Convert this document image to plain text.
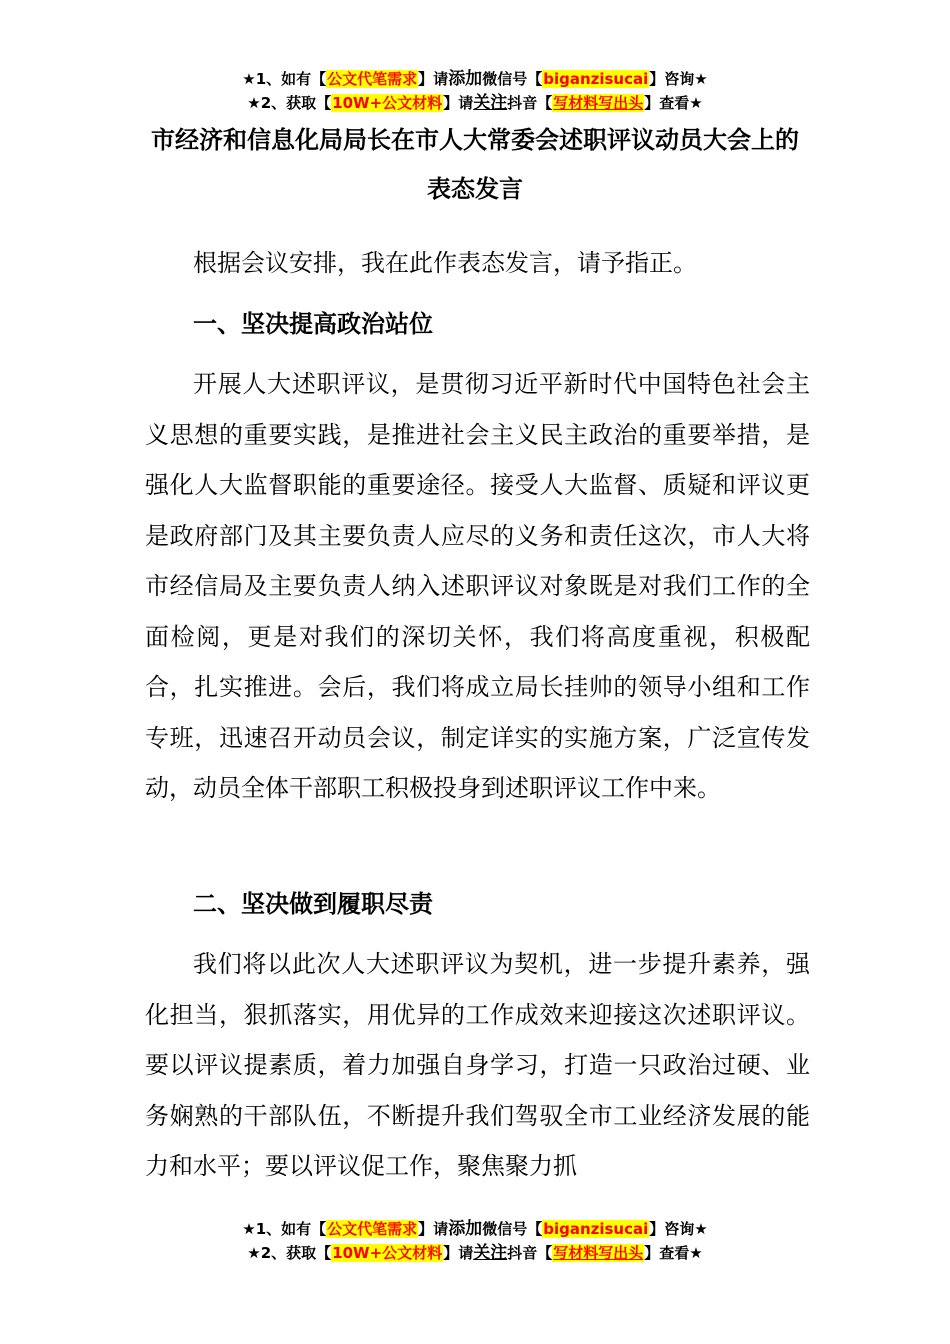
★1、如有【公文代笔需求】请添加微信号【biganzisucai】咨询★
★2、获取【10W+公文材料】请关注抖音【写材料写出头】查看★
市经济和信息化局局长在市人大常委会述职评议动员大会上的表态发言

根据会议安排，我在此作表态发言，请予指正。

一、坚决提高政治站位

开展人大述职评议，是贯彻习近平新时代中国特色社会主义思想的重要实践，是推进社会主义民主政治的重要举措，是强化人大监督职能的重要途径。接受人大监督、质疑和评议更是政府部门及其主要负责人应尽的义务和责任这次，市人大将市经信局及主要负责人纳入述职评议对象既是对我们工作的全面检阅，更是对我们的深切关怀，我们将高度重视，积极配合，扎实推进。会后，我们将成立局长挂帅的领导小组和工作专班，迅速召开动员会议，制定详实的实施方案，广泛宣传发动，动员全体干部职工积极投身到述职评议工作中来。

二、坚决做到履职尽责

我们将以此次人大述职评议为契机，进一步提升素养，强化担当，狠抓落实，用优异的工作成效来迎接这次述职评议。要以评议提素质，着力加强自身学习，打造一只政治过硬、业务娴熟的干部队伍，不断提升我们驾驭全市工业经济发展的能力和水平；要以评议促工作，聚焦聚力抓

★1、如有【公文代笔需求】请添加微信号【biganzisucai】咨询★
★2、获取【10W+公文材料】请关注抖音【写材料写出头】查看★
